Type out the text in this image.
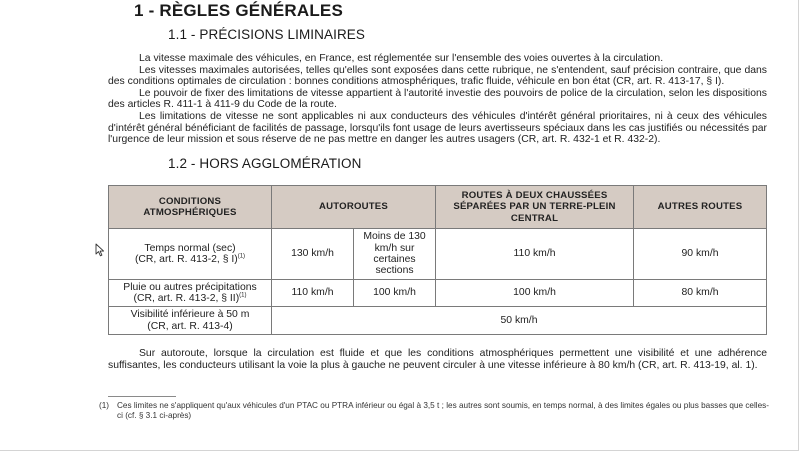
1 - RÈGLES GÉNÉRALES
1.1 - PRÉCISIONS LIMINAIRES

La vitesse maximale des véhicules, en France, est réglementée sur l'ensemble des voies ouvertes à la circulation.

Les vitesses maximales autorisées, telles qu'elles sont exposées dans cette rubrique, ne s'entendent, sauf précision contraire, que dans des conditions optimales de circulation : bonnes conditions atmosphériques, trafic fluide, véhicule en bon état (CR, art. R. 413-17, § I).

Le pouvoir de fixer des limitations de vitesse appartient à l'autorité investie des pouvoirs de police de la circulation, selon les dispositions des articles R. 411-1 à 411-9 du Code de la route.

Les limitations de vitesse ne sont applicables ni aux conducteurs des véhicules d'intérêt général prioritaires, ni à ceux des véhicules d'intérêt général bénéficiant de facilités de passage, lorsqu'ils font usage de leurs avertisseurs spéciaux dans les cas justifiés ou nécessités par l'urgence de leur mission et sous réserve de ne pas mettre en danger les autres usagers (CR, art. R. 432-1 et R. 432-2).

1.2 - HORS AGGLOMÉRATION
CONDITIONS ATMOSPHÉRIQUES	AUTOROUTES		ROUTES À DEUX CHAUSSÉES SÉPARÉES PAR UN TERRE-PLEIN CENTRAL	AUTRES ROUTES
Temps normal (sec)
(CR, art. R. 413-2, § I)$^{(1)}$	130 km/h	Moins de 130 km/h sur certaines sections	110 km/h	90 km/h
Pluie ou autres précipitations
(CR, art. R. 413-2, § II)$^{(1)}$	110 km/h	100 km/h	100 km/h	80 km/h
Visibilité inférieure à 50 m
(CR, art. R. 413-4)	50 km/h			

Sur autoroute, lorsque la circulation est fluide et que les conditions atmosphériques permettent une visibilité et une adhérence suffisantes, les conducteurs utilisant la voie la plus à gauche ne peuvent circuler à une vitesse inférieure à 80 km/h (CR, art. R. 413-19, al. 1).

(1) Ces limites ne s'appliquent qu'aux véhicules d'un PTAC ou PTRA inférieur ou égal à 3,5 t ; les autres sont soumis, en temps normal, à des limites égales ou plus basses que celles-ci (cf. § 3.1 ci-après)
